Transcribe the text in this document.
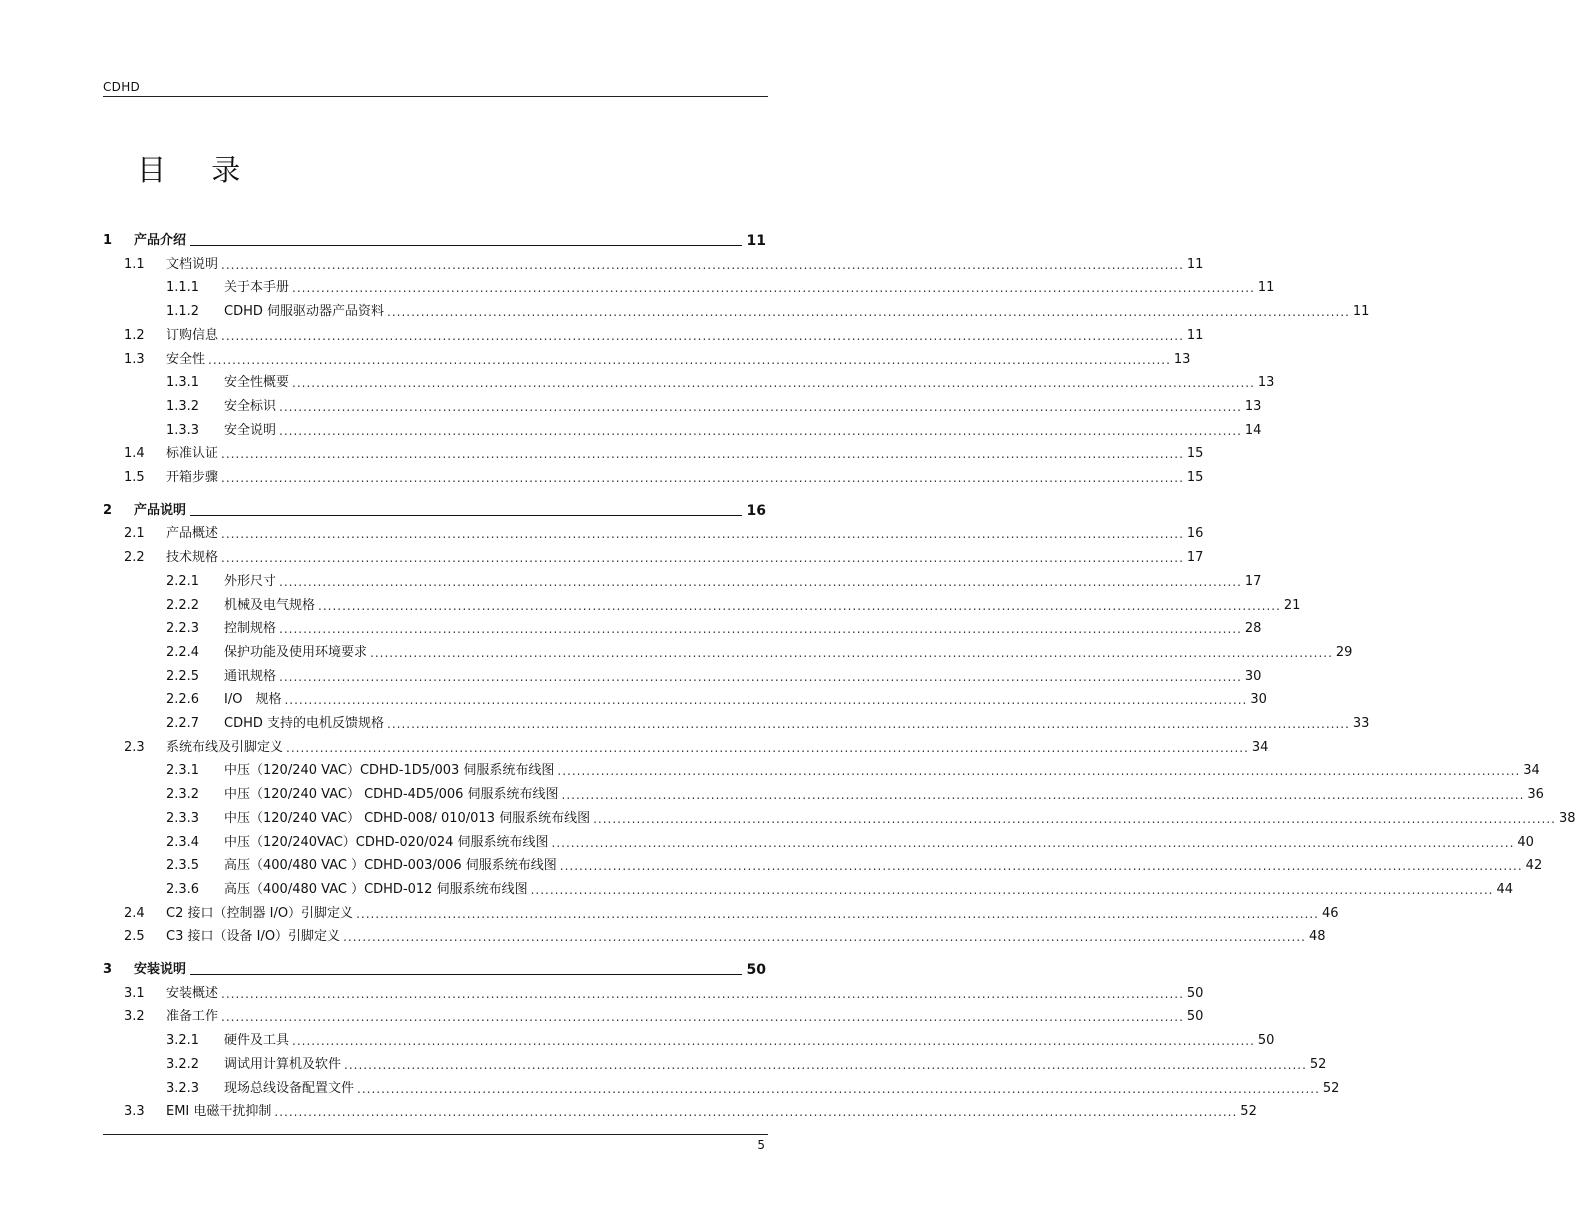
CDHD
目 录
1	产品介绍	11
1.1	文档说明 ........................................................................................................................................................................................................ 11
1.1.1	关于本手册 ........................................................................................................................................................................................................ 11
1.1.2	CDHD 伺服驱动器产品资料 ........................................................................................................................................................................................................ 11
1.2	订购信息 ........................................................................................................................................................................................................ 11
1.3	安全性 ........................................................................................................................................................................................................ 13
1.3.1	安全性概要 ........................................................................................................................................................................................................ 13
1.3.2	安全标识 ........................................................................................................................................................................................................ 13
1.3.3	安全说明 ........................................................................................................................................................................................................ 14
1.4	标准认证 ........................................................................................................................................................................................................ 15
1.5	开箱步骤 ........................................................................................................................................................................................................ 15
2	产品说明	16
2.1	产品概述 ........................................................................................................................................................................................................ 16
2.2	技术规格 ........................................................................................................................................................................................................ 17
2.2.1	外形尺寸 ........................................................................................................................................................................................................ 17
2.2.2	机械及电气规格 ........................................................................................................................................................................................................ 21
2.2.3	控制规格 ........................................................................................................................................................................................................ 28
2.2.4	保护功能及使用环境要求 ........................................................................................................................................................................................................ 29
2.2.5	通讯规格 ........................................................................................................................................................................................................ 30
2.2.6	I/O　规格 ........................................................................................................................................................................................................ 30
2.2.7	CDHD 支持的电机反馈规格 ........................................................................................................................................................................................................ 33
2.3	系统布线及引脚定义 ........................................................................................................................................................................................................ 34
2.3.1	中压（120/240 VAC）CDHD-1D5/003 伺服系统布线图 ........................................................................................................................................................................................................ 34
2.3.2	中压（120/240 VAC） CDHD-4D5/006 伺服系统布线图 ........................................................................................................................................................................................................ 36
2.3.3	中压（120/240 VAC） CDHD-008/ 010/013 伺服系统布线图 ........................................................................................................................................................................................................ 38
2.3.4	中压（120/240VAC）CDHD-020/024 伺服系统布线图 ........................................................................................................................................................................................................ 40
2.3.5	高压（400/480 VAC ）CDHD-003/006 伺服系统布线图 ........................................................................................................................................................................................................ 42
2.3.6	高压（400/480 VAC ）CDHD-012 伺服系统布线图 ........................................................................................................................................................................................................ 44
2.4	C2 接口（控制器 I/O）引脚定义 ........................................................................................................................................................................................................ 46
2.5	C3 接口（设备 I/O）引脚定义 ........................................................................................................................................................................................................ 48
3	安装说明	50
3.1	安装概述 ........................................................................................................................................................................................................ 50
3.2	准备工作 ........................................................................................................................................................................................................ 50
3.2.1	硬件及工具 ........................................................................................................................................................................................................ 50
3.2.2	调试用计算机及软件 ........................................................................................................................................................................................................ 52
3.2.3	现场总线设备配置文件 ........................................................................................................................................................................................................ 52
3.3	EMI 电磁干扰抑制 ........................................................................................................................................................................................................ 52
5
